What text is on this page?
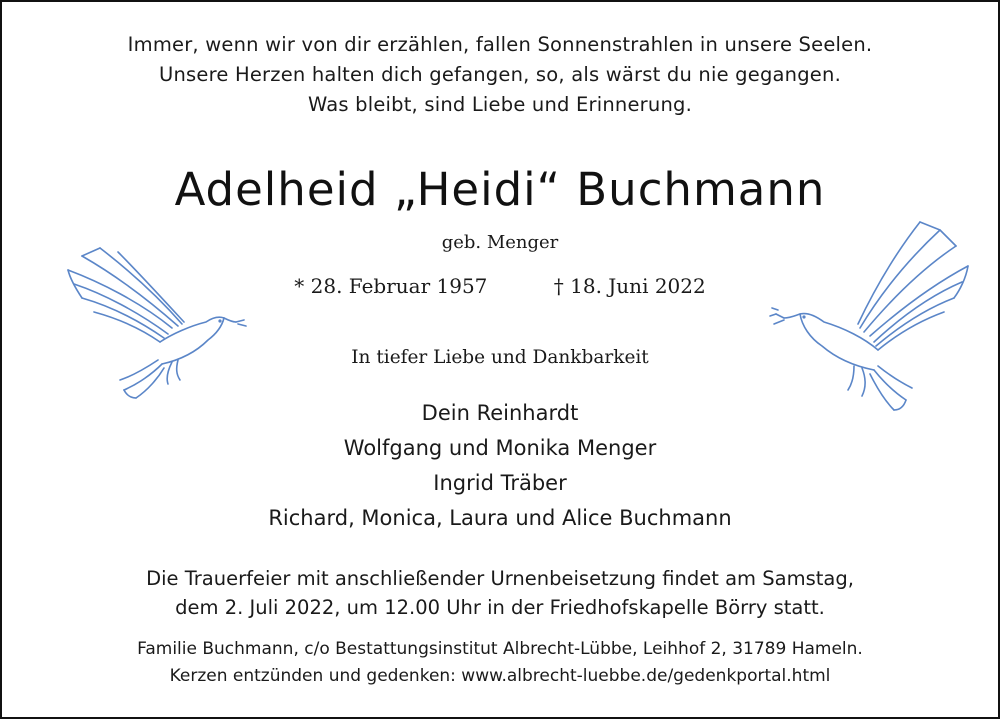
Immer, wenn wir von dir erzählen, fallen Sonnenstrahlen in unsere Seelen.
Unsere Herzen halten dich gefangen, so, als wärst du nie gegangen.
Was bleibt, sind Liebe und Erinnerung.
Adelheid „Heidi“ Buchmann
geb. Menger
* 28. Februar 1957	† 18. Juni 2022
In tiefer Liebe und Dankbarkeit
Dein Reinhardt
Wolfgang und Monika Menger
Ingrid Träber
Richard, Monica, Laura und Alice Buchmann
Die Trauerfeier mit anschließender Urnenbeisetzung findet am Samstag,
dem 2. Juli 2022, um 12.00 Uhr in der Friedhofskapelle Börry statt.
Familie Buchmann, c/o Bestattungsinstitut Albrecht-Lübbe, Leihhof 2, 31789 Hameln.
Kerzen entzünden und gedenken: www.albrecht-luebbe.de/gedenkportal.html
